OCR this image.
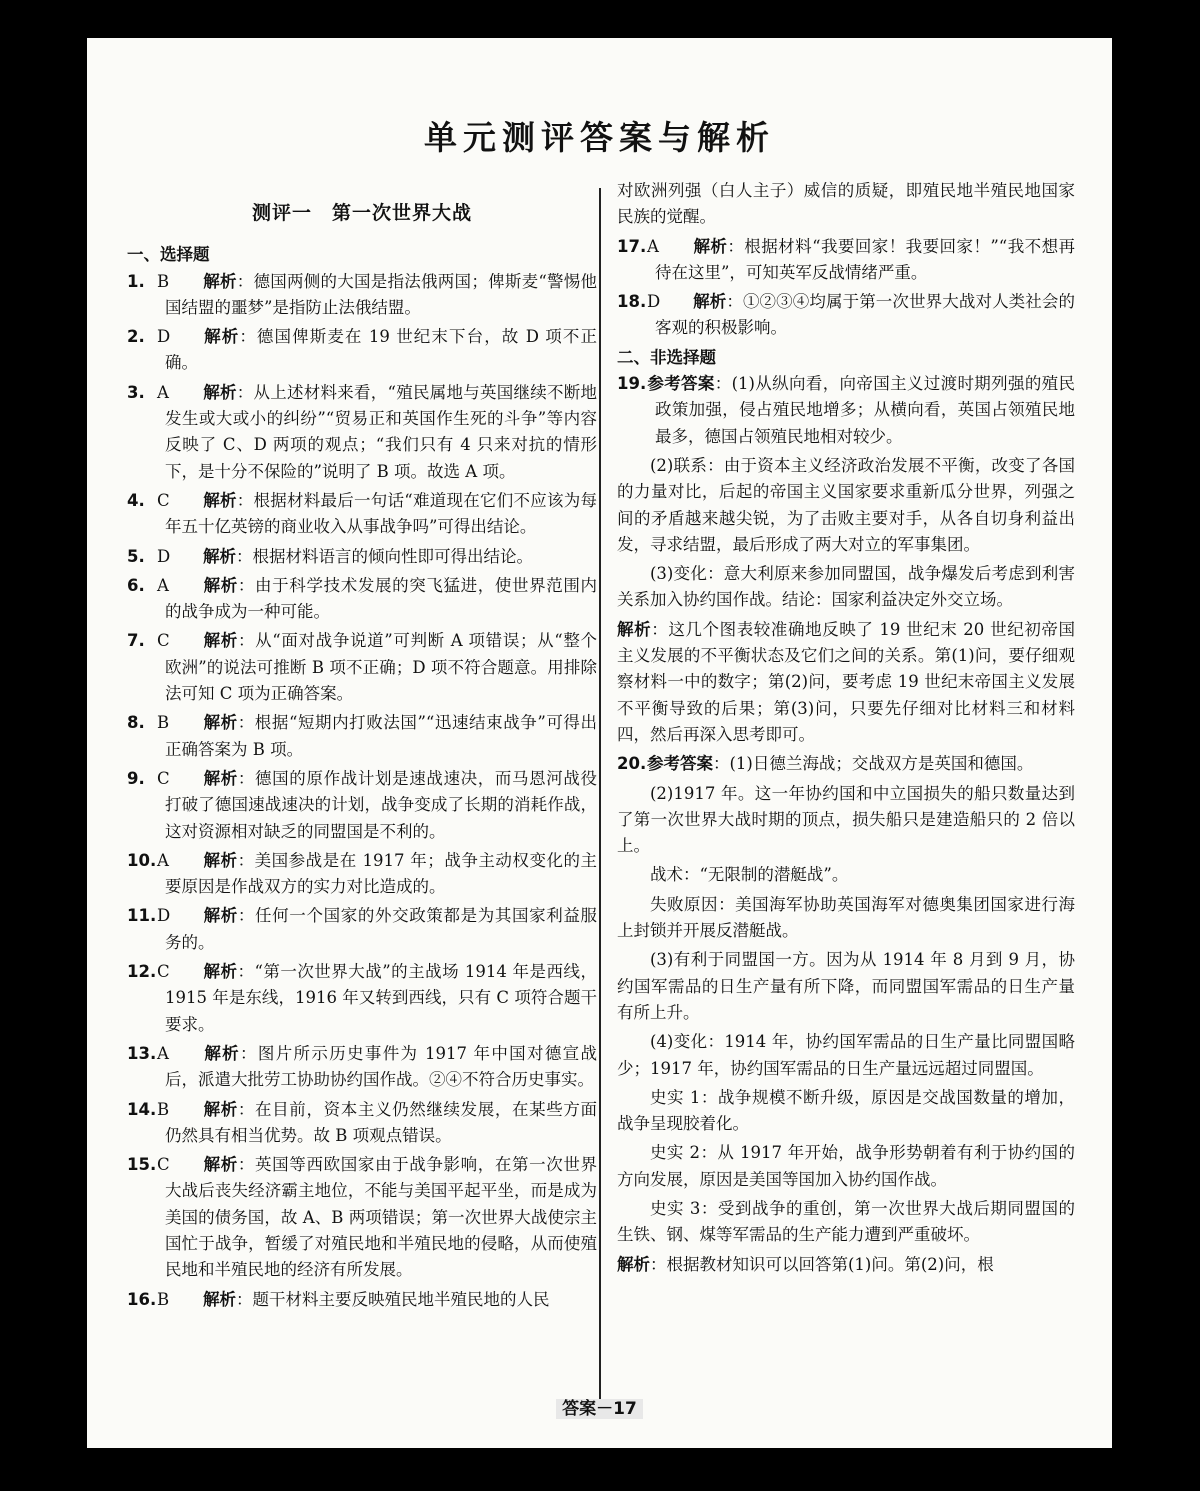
单元测评答案与解析
测评一　第一次世界大战
一、选择题
1. B 解析：德国两侧的大国是指法俄两国；俾斯麦“警惕他国结盟的噩梦”是指防止法俄结盟。
2. D 解析：德国俾斯麦在 19 世纪末下台，故 D 项不正确。
3. A 解析：从上述材料来看，“殖民属地与英国继续不断地发生或大或小的纠纷”“贸易正和英国作生死的斗争”等内容反映了 C、D 两项的观点；“我们只有 4 只来对抗的情形下，是十分不保险的”说明了 B 项。故选 A 项。
4. C 解析：根据材料最后一句话“难道现在它们不应该为每年五十亿英镑的商业收入从事战争吗”可得出结论。
5. D 解析：根据材料语言的倾向性即可得出结论。
6. A 解析：由于科学技术发展的突飞猛进，使世界范围内的战争成为一种可能。
7. C 解析：从“面对战争说道”可判断 A 项错误；从“整个欧洲”的说法可推断 B 项不正确；D 项不符合题意。用排除法可知 C 项为正确答案。
8. B 解析：根据“短期内打败法国”“迅速结束战争”可得出正确答案为 B 项。
9. C 解析：德国的原作战计划是速战速决，而马恩河战役打破了德国速战速决的计划，战争变成了长期的消耗作战，这对资源相对缺乏的同盟国是不利的。
10.A 解析：美国参战是在 1917 年；战争主动权变化的主要原因是作战双方的实力对比造成的。
11.D 解析：任何一个国家的外交政策都是为其国家利益服务的。
12.C 解析：“第一次世界大战”的主战场 1914 年是西线，1915 年是东线，1916 年又转到西线，只有 C 项符合题干要求。
13.A 解析：图片所示历史事件为 1917 年中国对德宣战后，派遣大批劳工协助协约国作战。②④不符合历史事实。
14.B 解析：在目前，资本主义仍然继续发展，在某些方面仍然具有相当优势。故 B 项观点错误。
15.C 解析：英国等西欧国家由于战争影响，在第一次世界大战后丧失经济霸主地位，不能与美国平起平坐，而是成为美国的债务国，故 A、B 两项错误；第一次世界大战使宗主国忙于战争，暂缓了对殖民地和半殖民地的侵略，从而使殖民地和半殖民地的经济有所发展。
16.B 解析：题干材料主要反映殖民地半殖民地的人民
对欧洲列强（白人主子）威信的质疑，即殖民地半殖民地国家民族的觉醒。
17.A 解析：根据材料“我要回家！我要回家！”“我不想再待在这里”，可知英军反战情绪严重。
18.D 解析：①②③④均属于第一次世界大战对人类社会的客观的积极影响。
二、非选择题
19.参考答案：(1)从纵向看，向帝国主义过渡时期列强的殖民政策加强，侵占殖民地增多；从横向看，英国占领殖民地最多，德国占领殖民地相对较少。
(2)联系：由于资本主义经济政治发展不平衡，改变了各国的力量对比，后起的帝国主义国家要求重新瓜分世界，列强之间的矛盾越来越尖锐，为了击败主要对手，从各自切身利益出发，寻求结盟，最后形成了两大对立的军事集团。
(3)变化：意大利原来参加同盟国，战争爆发后考虑到利害关系加入协约国作战。结论：国家利益决定外交立场。
解析：这几个图表较准确地反映了 19 世纪末 20 世纪初帝国主义发展的不平衡状态及它们之间的关系。第(1)问，要仔细观察材料一中的数字；第(2)问，要考虑 19 世纪末帝国主义发展不平衡导致的后果；第(3)问，只要先仔细对比材料三和材料四，然后再深入思考即可。
20.参考答案：(1)日德兰海战；交战双方是英国和德国。
(2)1917 年。这一年协约国和中立国损失的船只数量达到了第一次世界大战时期的顶点，损失船只是建造船只的 2 倍以上。
战术：“无限制的潜艇战”。
失败原因：美国海军协助英国海军对德奥集团国家进行海上封锁并开展反潜艇战。
(3)有利于同盟国一方。因为从 1914 年 8 月到 9 月，协约国军需品的日生产量有所下降，而同盟国军需品的日生产量有所上升。
(4)变化：1914 年，协约国军需品的日生产量比同盟国略少；1917 年，协约国军需品的日生产量远远超过同盟国。
史实 1：战争规模不断升级，原因是交战国数量的增加，战争呈现胶着化。
史实 2：从 1917 年开始，战争形势朝着有利于协约国的方向发展，原因是美国等国加入协约国作战。
史实 3：受到战争的重创，第一次世界大战后期同盟国的生铁、钢、煤等军需品的生产能力遭到严重破坏。
解析：根据教材知识可以回答第(1)问。第(2)问，根
答案－17
